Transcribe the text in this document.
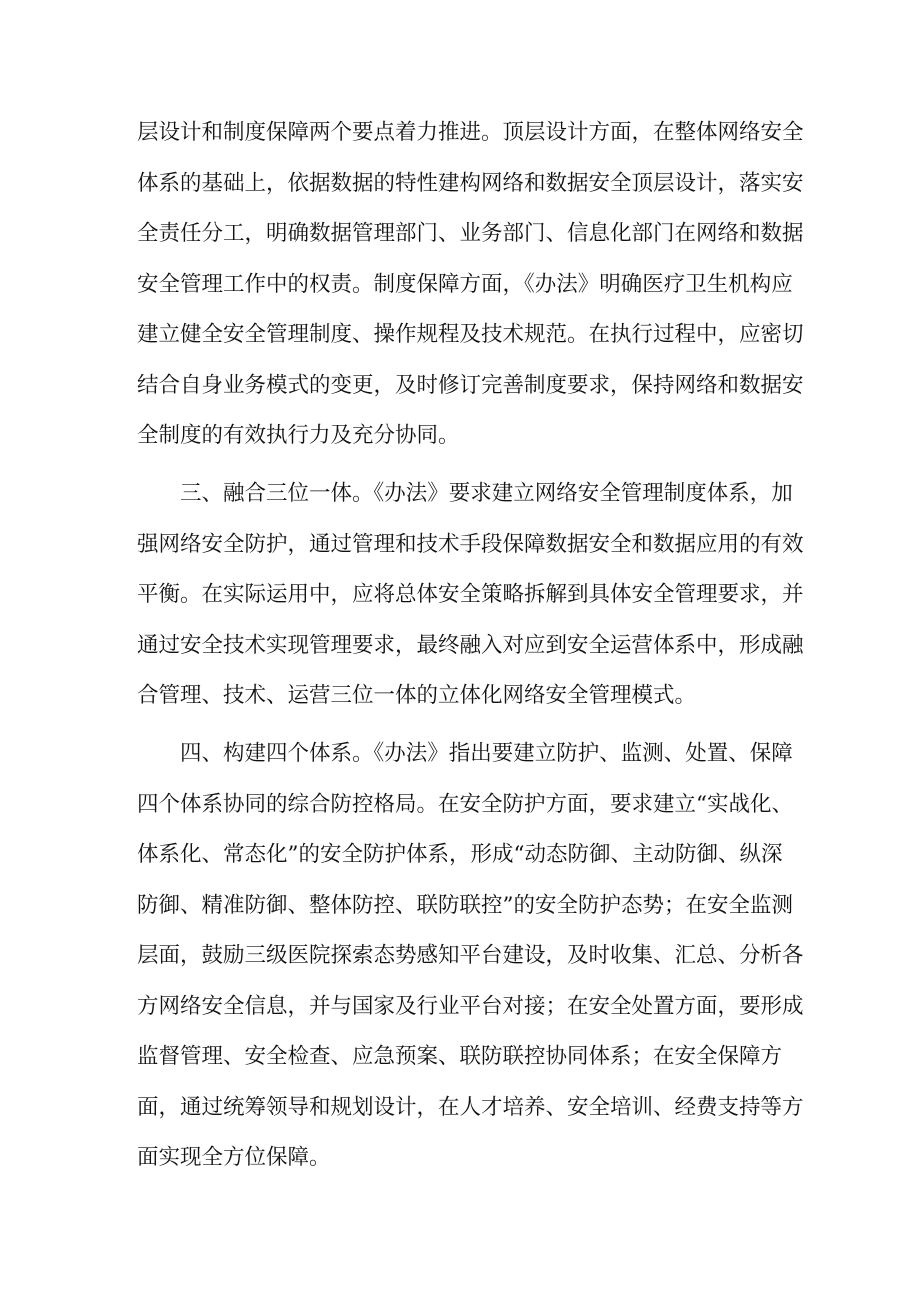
层设计和制度保障两个要点着力推进。顶层设计方面，在整体网络安全
体系的基础上，依据数据的特性建构网络和数据安全顶层设计，落实安
全责任分工，明确数据管理部门、业务部门、信息化部门在网络和数据
安全管理工作中的权责。制度保障方面，《办法》明确医疗卫生机构应
建立健全安全管理制度、操作规程及技术规范。在执行过程中，应密切
结合自身业务模式的变更，及时修订完善制度要求，保持网络和数据安
全制度的有效执行力及充分协同。
三、融合三位一体。《办法》要求建立网络安全管理制度体系，加
强网络安全防护，通过管理和技术手段保障数据安全和数据应用的有效
平衡。在实际运用中，应将总体安全策略拆解到具体安全管理要求，并
通过安全技术实现管理要求，最终融入对应到安全运营体系中，形成融
合管理、技术、运营三位一体的立体化网络安全管理模式。
四、构建四个体系。《办法》指出要建立防护、监测、处置、保障
四个体系协同的综合防控格局。在安全防护方面，要求建立“实战化、
体系化、常态化”的安全防护体系，形成“动态防御、主动防御、纵深
防御、精准防御、整体防控、联防联控”的安全防护态势；在安全监测
层面，鼓励三级医院探索态势感知平台建设，及时收集、汇总、分析各
方网络安全信息，并与国家及行业平台对接；在安全处置方面，要形成
监督管理、安全检查、应急预案、联防联控协同体系；在安全保障方
面，通过统筹领导和规划设计，在人才培养、安全培训、经费支持等方
面实现全方位保障。
